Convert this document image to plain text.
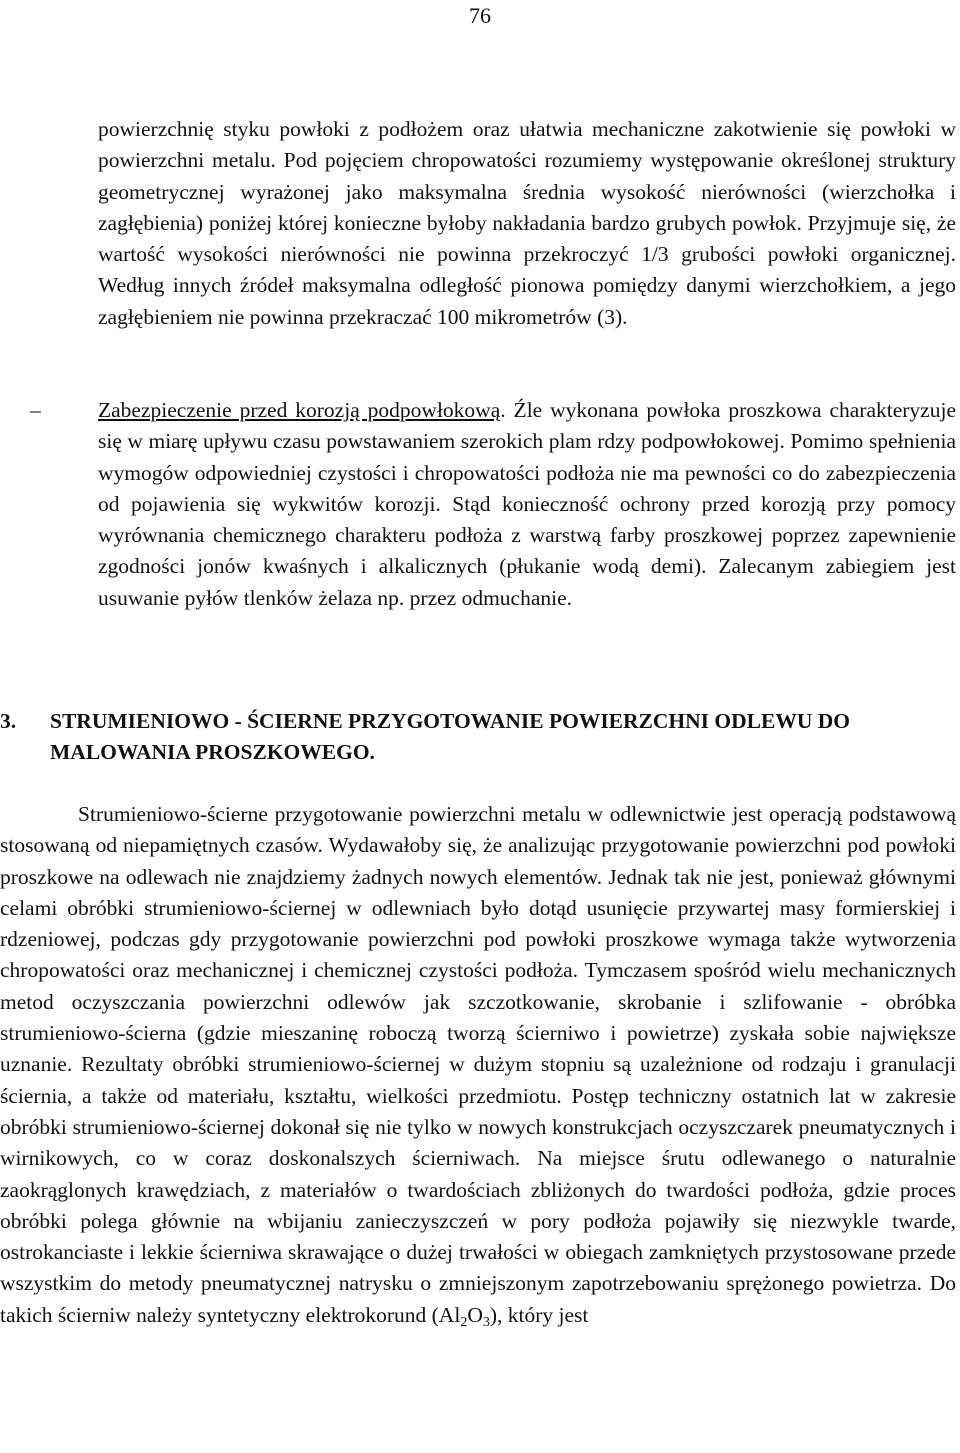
76

powierzchnię styku powłoki z podłożem oraz ułatwia mechaniczne zakotwienie się powłoki w powierzchni metalu. Pod pojęciem chropowatości rozumiemy występowanie określonej struktury geometrycznej wyrażonej jako maksymalna średnia wysokość nierówności (wierzchołka i zagłębienia) poniżej której konieczne byłoby nakładania bardzo grubych powłok. Przyjmuje się, że wartość wysokości nierówności nie powinna przekroczyć 1/3 grubości powłoki organicznej. Według innych źródeł maksymalna odległość pionowa pomiędzy danymi wierzchołkiem, a jego zagłębieniem nie powinna przekraczać 100 mikrometrów (3).

–	Zabezpieczenie przed korozją podpowłokową. Źle wykonana powłoka proszkowa charakteryzuje się w miarę upływu czasu powstawaniem szerokich plam rdzy podpowłokowej. Pomimo spełnienia wymogów odpowiedniej czystości i chropowatości podłoża nie ma pewności co do zabezpieczenia od pojawienia się wykwitów korozji. Stąd konieczność ochrony przed korozją przy pomocy wyrównania chemicznego charakteru podłoża z warstwą farby proszkowej poprzez zapewnienie zgodności jonów kwaśnych i alkalicznych (płukanie wodą demi). Zalecanym zabiegiem jest usuwanie pyłów tlenków żelaza np. przez odmuchanie.

3. STRUMIENIOWO - ŚCIERNE PRZYGOTOWANIE POWIERZCHNI ODLEWU DO MALOWANIA PROSZKOWEGO.

Strumieniowo-ścierne przygotowanie powierzchni metalu w odlewnictwie jest operacją podstawową stosowaną od niepamiętnych czasów. Wydawałoby się, że analizując przygotowanie powierzchni pod powłoki proszkowe na odlewach nie znajdziemy żadnych nowych elementów. Jednak tak nie jest, ponieważ głównymi celami obróbki strumieniowo-ściernej w odlewniach było dotąd usunięcie przywartej masy formierskiej i rdzeniowej, podczas gdy przygotowanie powierzchni pod powłoki proszkowe wymaga także wytworzenia chropowatości oraz mechanicznej i chemicznej czystości podłoża. Tymczasem spośród wielu mechanicznych metod oczyszczania powierzchni odlewów jak szczotkowanie, skrobanie i szlifowanie - obróbka strumieniowo-ścierna (gdzie mieszaninę roboczą tworzą ścierniwo i powietrze) zyskała sobie największe uznanie. Rezultaty obróbki strumieniowo-ściernej w dużym stopniu są uzależnione od rodzaju i granulacji ściernia, a także od materiału, kształtu, wielkości przedmiotu. Postęp techniczny ostatnich lat w zakresie obróbki strumieniowo-ściernej dokonał się nie tylko w nowych konstrukcjach oczyszczarek pneumatycznych i wirnikowych, co w coraz doskonalszych ścierniwach. Na miejsce śrutu odlewanego o naturalnie zaokrąglonych krawędziach, z materiałów o twardościach zbliżonych do twardości podłoża, gdzie proces obróbki polega głównie na wbijaniu zanieczyszczeń w pory podłoża pojawiły się niezwykle twarde, ostrokanciaste i lekkie ścierniwa skrawające o dużej trwałości w obiegach zamkniętych przystosowane przede wszystkim do metody pneumatycznej natrysku o zmniejszonym zapotrzebowaniu sprężonego powietrza. Do takich ścierniw należy syntetyczny elektrokorund $(Al_2O_3)$, który jest
